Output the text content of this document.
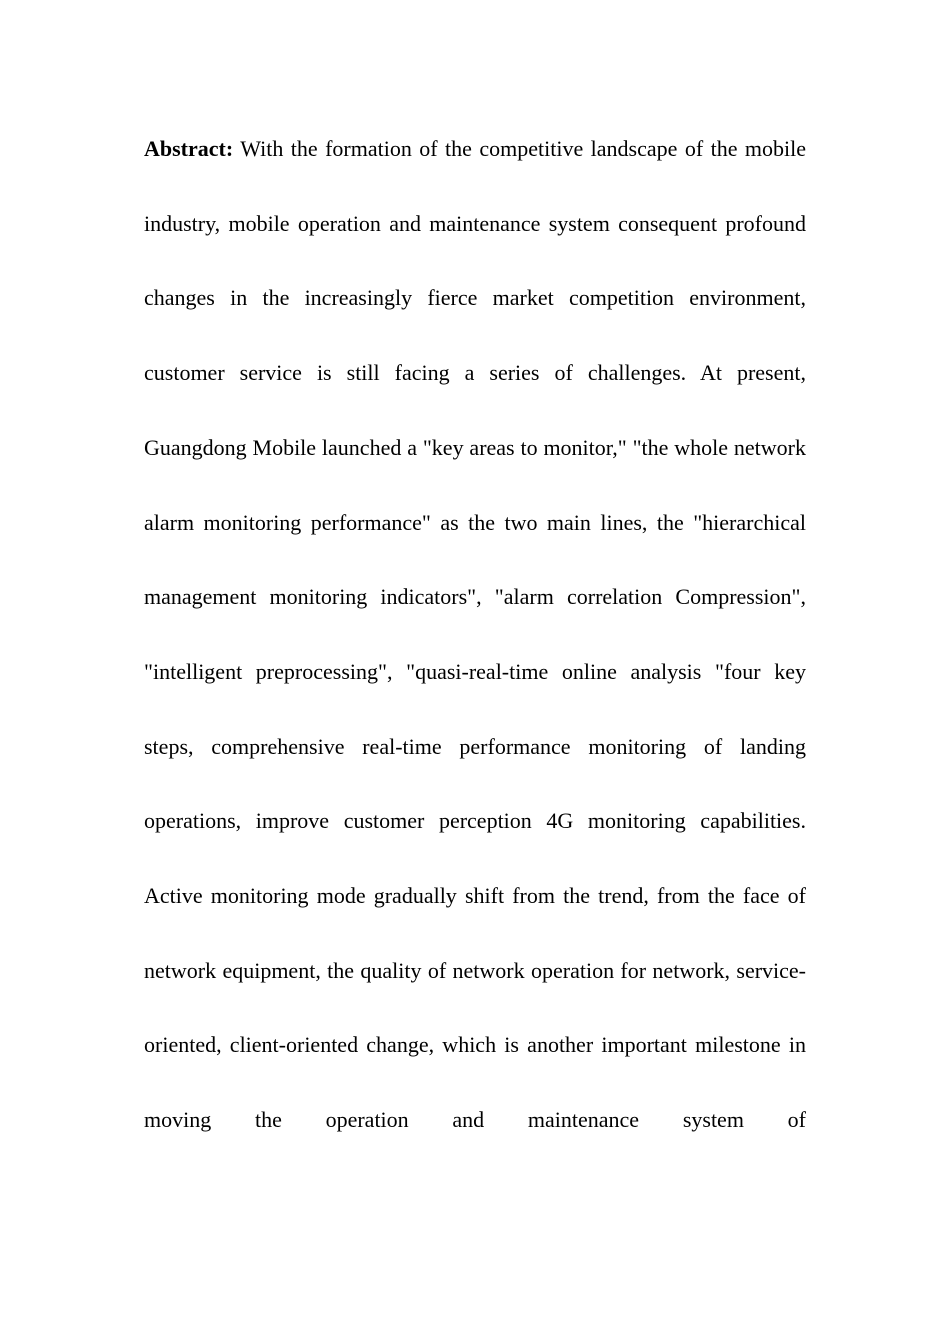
Abstract: With the formation of the competitive landscape of the mobile industry, mobile operation and maintenance system consequent profound changes in the increasingly fierce market competition environment, customer service is still facing a series of challenges. At present, Guangdong Mobile launched a "key areas to monitor," "the whole network alarm monitoring performance" as the two main lines, the "hierarchical management monitoring indicators", "alarm correlation Compression", "intelligent preprocessing", "quasi-real-time online analysis "four key steps, comprehensive real-time performance monitoring of landing operations, improve customer perception 4G monitoring capabilities. Active monitoring mode gradually shift from the trend, from the face of network equipment, the quality of network operation for network, service-oriented, client-oriented change, which is another important milestone in moving the operation and maintenance system of
